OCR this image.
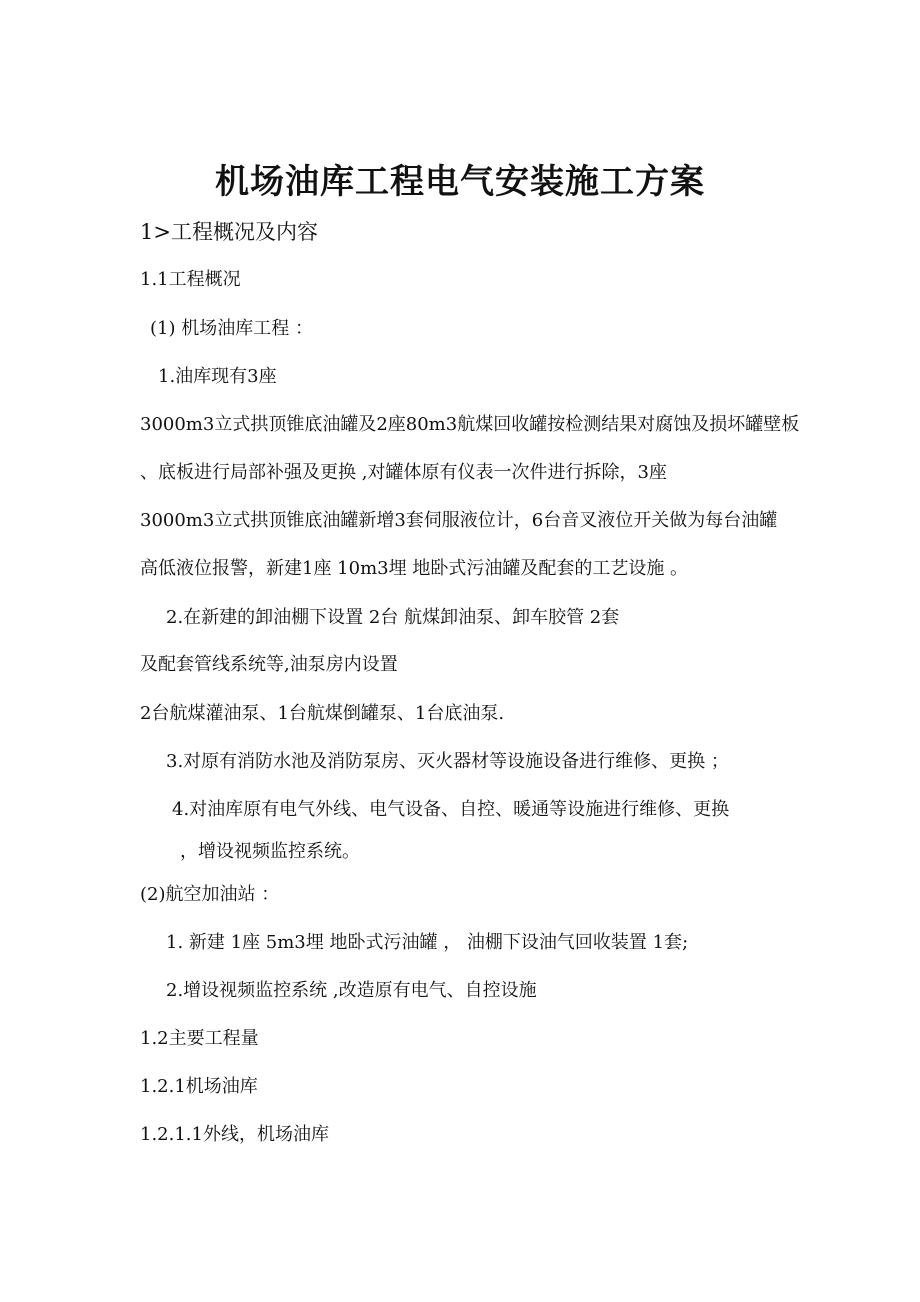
机场油库工程电气安装施工方案
1>工程概况及内容
1.1工程概况
(1) 机场油库工程 ：
1.油库现有3座
3000m3立式拱顶锥底油罐及2座80m3航煤回收罐按检测结果对腐蚀及损坏罐壁板
、底板进行局部补强及更换 ,对罐体原有仪表一次件进行拆除，3座
3000m3立式拱顶锥底油罐新增3套伺服液位计，6台音叉液位开关做为每台油罐
高低液位报警，新建1座 10m3埋 地卧式污油罐及配套的工艺设施 。
2.在新建的卸油棚下设置 2台 航煤卸油泵、卸车胶管 2套
及配套管线系统等,油泵房内设置
2台航煤灌油泵、1台航煤倒罐泵、1台底油泵.
3.对原有消防水池及消防泵房、灭火器材等设施设备进行维修、更换 ；
4.对油库原有电气外线、电气设备、自控、暖通等设施进行维修、更换
，增设视频监控系统。
(2)航空加油站 ：
1. 新建 1座 5m3埋 地卧式污油罐 ， 油棚下设油气回收装置 1套;
2.增设视频监控系统 ,改造原有电气、自控设施
1.2主要工程量
1.2.1机场油库
1.2.1.1外线，机场油库
